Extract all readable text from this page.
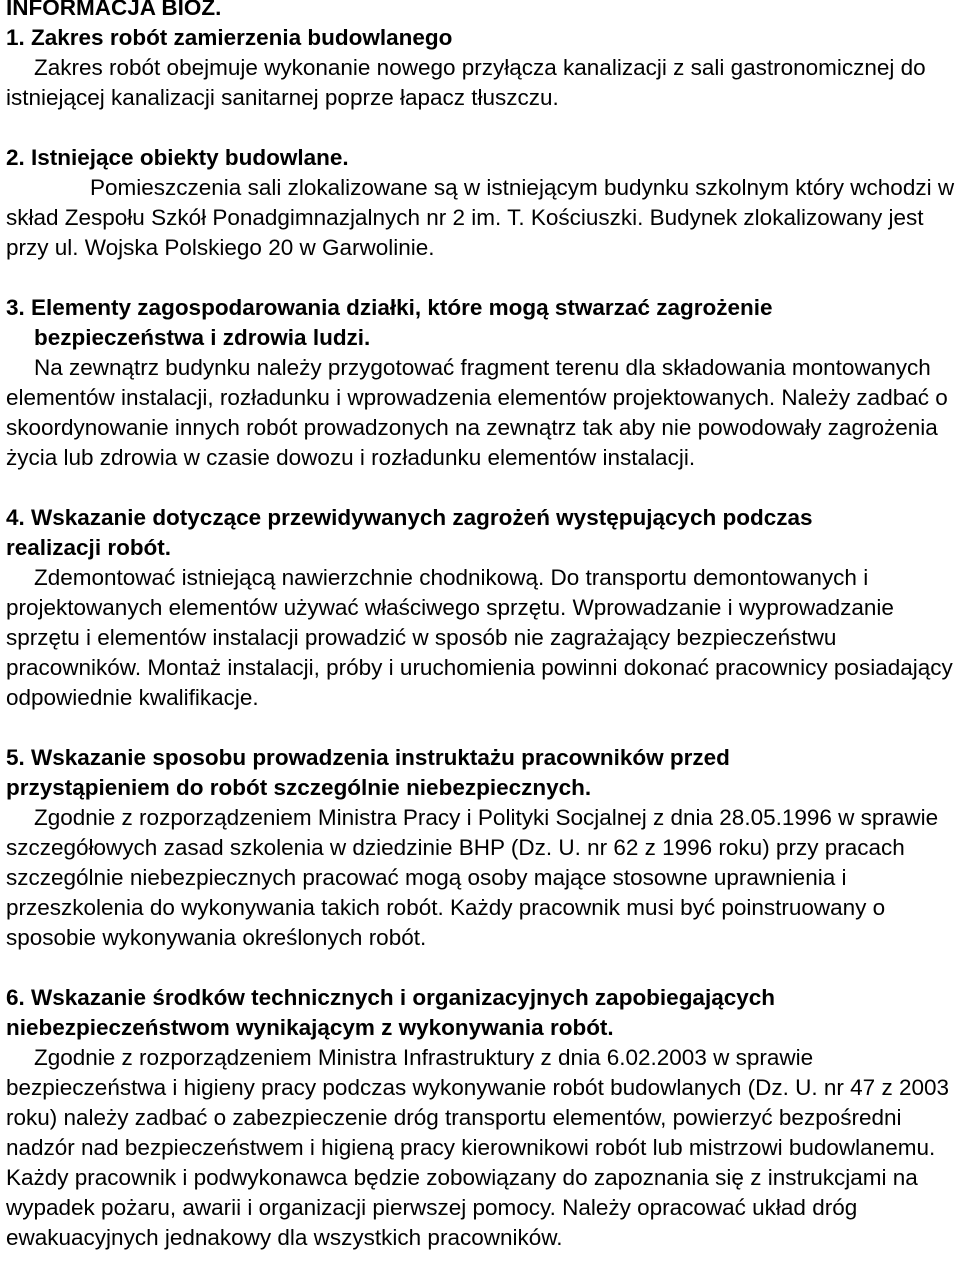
INFORMACJA BIOZ.
1. Zakres robót zamierzenia budowlanego
Zakres robót obejmuje wykonanie nowego przyłącza kanalizacji z sali gastronomicznej do istniejącej kanalizacji sanitarnej poprze łapacz tłuszczu.
2. Istniejące obiekty budowlane.
Pomieszczenia sali zlokalizowane są w istniejącym budynku szkolnym który wchodzi w skład Zespołu Szkół Ponadgimnazjalnych nr 2 im. T. Kościuszki. Budynek zlokalizowany jest przy ul. Wojska Polskiego 20 w Garwolinie.
3. Elementy zagospodarowania działki, które mogą stwarzać zagrożenie
bezpieczeństwa i zdrowia ludzi.
Na zewnątrz budynku należy przygotować fragment terenu dla składowania montowanych elementów instalacji, rozładunku i wprowadzenia elementów projektowanych. Należy zadbać o skoordynowanie innych robót prowadzonych na zewnątrz tak aby nie powodowały zagrożenia życia lub zdrowia w czasie dowozu i rozładunku elementów instalacji.
4. Wskazanie dotyczące przewidywanych zagrożeń występujących podczas
realizacji robót.
Zdemontować istniejącą nawierzchnie chodnikową. Do transportu demontowanych i projektowanych elementów używać właściwego sprzętu. Wprowadzanie i wyprowadzanie sprzętu i elementów instalacji prowadzić w sposób nie zagrażający bezpieczeństwu pracowników. Montaż instalacji, próby i uruchomienia powinni dokonać pracownicy posiadający odpowiednie kwalifikacje.
5. Wskazanie sposobu prowadzenia instruktażu pracowników przed
przystąpieniem do robót szczególnie niebezpiecznych.
Zgodnie z rozporządzeniem Ministra Pracy i Polityki Socjalnej z dnia 28.05.1996 w sprawie szczegółowych zasad szkolenia w dziedzinie BHP (Dz. U. nr 62 z 1996 roku) przy pracach szczególnie niebezpiecznych pracować mogą osoby mające stosowne uprawnienia i przeszkolenia do wykonywania takich robót. Każdy pracownik musi być poinstruowany o sposobie wykonywania określonych robót.
6. Wskazanie środków technicznych i organizacyjnych zapobiegających
niebezpieczeństwom wynikającym z wykonywania robót.
Zgodnie z rozporządzeniem Ministra Infrastruktury z dnia 6.02.2003 w sprawie bezpieczeństwa i higieny pracy podczas wykonywanie robót budowlanych (Dz. U. nr 47 z 2003 roku) należy zadbać o zabezpieczenie dróg transportu elementów, powierzyć bezpośredni nadzór nad bezpieczeństwem i higieną pracy kierownikowi robót lub mistrzowi budowlanemu. Każdy pracownik i podwykonawca będzie zobowiązany do zapoznania się z instrukcjami na wypadek pożaru, awarii i organizacji pierwszej pomocy. Należy opracować układ dróg ewakuacyjnych jednakowy dla wszystkich pracowników.
